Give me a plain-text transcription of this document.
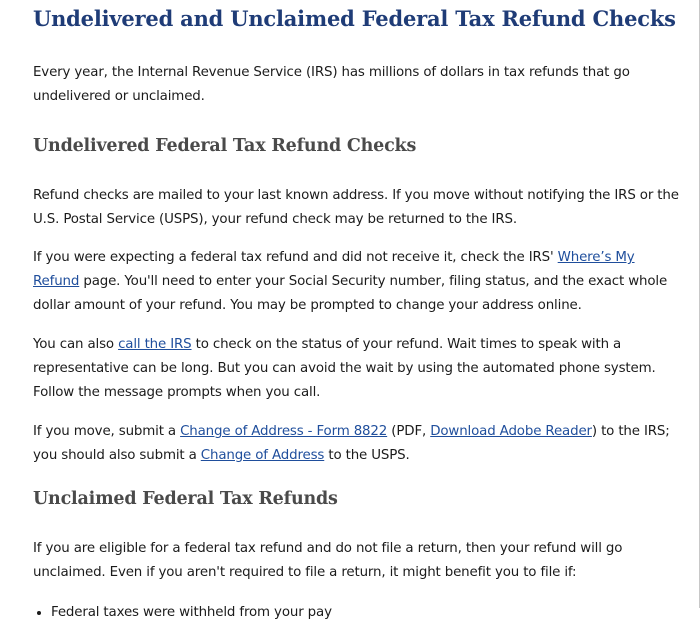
Undelivered and Unclaimed Federal Tax Refund Checks

Every year, the Internal Revenue Service (IRS) has millions of dollars in tax refunds that go undelivered or unclaimed.

Undelivered Federal Tax Refund Checks

Refund checks are mailed to your last known address. If you move without notifying the IRS or the U.S. Postal Service (USPS), your refund check may be returned to the IRS.

If you were expecting a federal tax refund and did not receive it, check the IRS' Where’s My Refund page. You'll need to enter your Social Security number, filing status, and the exact whole dollar amount of your refund. You may be prompted to change your address online.

You can also call the IRS to check on the status of your refund. Wait times to speak with a representative can be long. But you can avoid the wait by using the automated phone system. Follow the message prompts when you call.

If you move, submit a Change of Address - Form 8822 (PDF, Download Adobe Reader) to the IRS; you should also submit a Change of Address to the USPS.

Unclaimed Federal Tax Refunds

If you are eligible for a federal tax refund and do not file a return, then your refund will go unclaimed. Even if you aren't required to file a return, it might benefit you to file if:

• Federal taxes were withheld from your pay
